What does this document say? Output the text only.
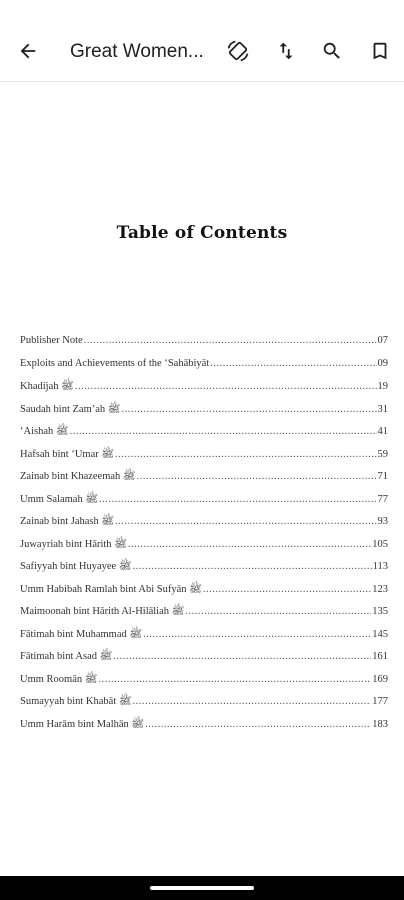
Great Women...
Table of Contents
Publisher Note .....	07
Exploits and Achievements of the ‘Sahābiyāt .....	09
Khadijah ﷺ .....	19
Saudah bint Zam’ah ﷺ .....	31
‘Aishah ﷺ .....	41
Hafsah bint ‘Umar ﷺ .....	59
Zainab bint Khazeemah ﷺ .....	71
Umm Salamah ﷺ .....	77
Zainab bint Jahash ﷺ .....	93
Juwayriah bint Hārith ﷺ .....	105
Safiyyah bint Huyayee ﷺ .....	113
Umm Habibah Ramlah bint Abi Sufyān ﷺ .....	123
Maimoonah bint Hārith Al-Hilāliah ﷺ .....	135
Fātimah bint Muhammad ﷺ .....	145
Fātimah bint Asad ﷺ .....	161
Umm Roomān ﷺ .....	169
Sumayyah bint Khabāt ﷺ .....	177
Umm Harām bint Malhān ﷺ .....	183
